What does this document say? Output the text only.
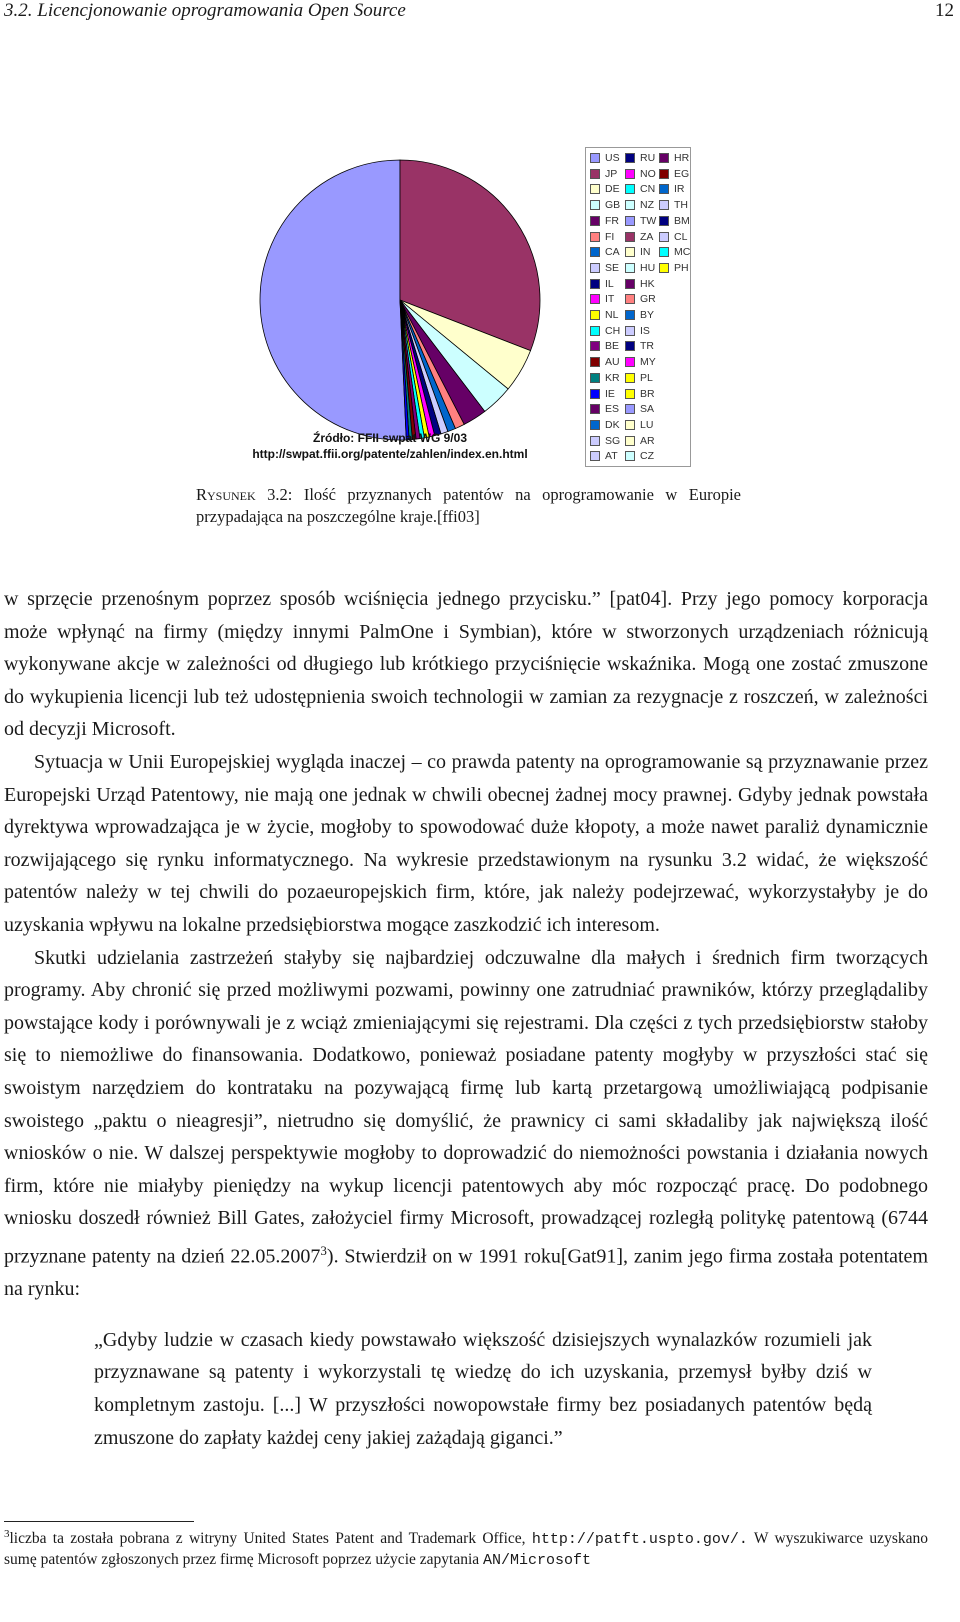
3.2. Licencjonowanie oprogramowania Open Source	12
Źródło: FFII swpat WG 9/03
http://swpat.ffii.org/patente/zahlen/index.en.html
US
JP
DE
GB
FR
FI
CA
SE
IL
IT
NL
CH
BE
AU
KR
IE
ES
DK
SG
AT
RU
NO
CN
NZ
TW
ZA
IN
HU
HK
GR
BY
IS
TR
MY
PL
BR
SA
LU
AR
CZ
HR
EG
IR
TH
BM
CL
MC
PH
Rysunek 3.2: Ilość przyznanych patentów na oprogramowanie w Europie przypadająca na poszczególne kraje.[ffi03]

w sprzęcie przenośnym poprzez sposób wciśnięcia jednego przycisku.” [pat04]. Przy jego pomocy korporacja może wpłynąć na firmy (między innymi PalmOne i Symbian), które w stworzonych urządzeniach różnicują wykonywane akcje w zależności od długiego lub krótkiego przyciśnięcie wskaźnika. Mogą one zostać zmuszone do wykupienia licencji lub też udostępnienia swoich technologii w zamian za rezygnacje z roszczeń, w zależności od decyzji Microsoft.

Sytuacja w Unii Europejskiej wygląda inaczej – co prawda patenty na oprogramowanie są przyznawanie przez Europejski Urząd Patentowy, nie mają one jednak w chwili obecnej żadnej mocy prawnej. Gdyby jednak powstała dyrektywa wprowadzająca je w życie, mogłoby to spowodować duże kłopoty, a może nawet paraliż dynamicznie rozwijającego się rynku informatycznego. Na wykresie przedstawionym na rysunku 3.2 widać, że większość patentów należy w tej chwili do pozaeuropejskich firm, które, jak należy podejrzewać, wykorzystałyby je do uzyskania wpływu na lokalne przedsiębiorstwa mogące zaszkodzić ich interesom.

Skutki udzielania zastrzeżeń stałyby się najbardziej odczuwalne dla małych i średnich firm tworzących programy. Aby chronić się przed możliwymi pozwami, powinny one zatrudniać prawników, którzy przeglądaliby powstające kody i porównywali je z wciąż zmieniającymi się rejestrami. Dla części z tych przedsiębiorstw stałoby się to niemożliwe do finansowania. Dodatkowo, ponieważ posiadane patenty mogłyby w przyszłości stać się swoistym narzędziem do kontrataku na pozywającą firmę lub kartą przetargową umożliwiającą podpisanie swoistego „paktu o nieagresji”, nietrudno się domyślić, że prawnicy ci sami składaliby jak największą ilość wniosków o nie. W dalszej perspektywie mogłoby to doprowadzić do niemożności powstania i działania nowych firm, które nie miałyby pieniędzy na wykup licencji patentowych aby móc rozpocząć pracę. Do podobnego wniosku doszedł również Bill Gates, założyciel firmy Microsoft, prowadzącej rozległą politykę patentową (6744 przyznane patenty na dzień 22.05.2007$^3$). Stwierdził on w 1991 roku[Gat91], zanim jego firma została potentatem na rynku:

„Gdyby ludzie w czasach kiedy powstawało większość dzisiejszych wynalazków rozumieli jak przyznawane są patenty i wykorzystali tę wiedzę do ich uzyskania, przemysł byłby dziś w kompletnym zastoju. [...] W przyszłości nowopowstałe firmy bez posiadanych patentów będą zmuszone do zapłaty każdej ceny jakiej zażądają giganci.”

$^3$liczba ta została pobrana z witryny United States Patent and Trademark Office, http://patft.uspto.gov/. W wyszukiwarce uzyskano sumę patentów zgłoszonych przez firmę Microsoft poprzez użycie zapytania AN/Microsoft
